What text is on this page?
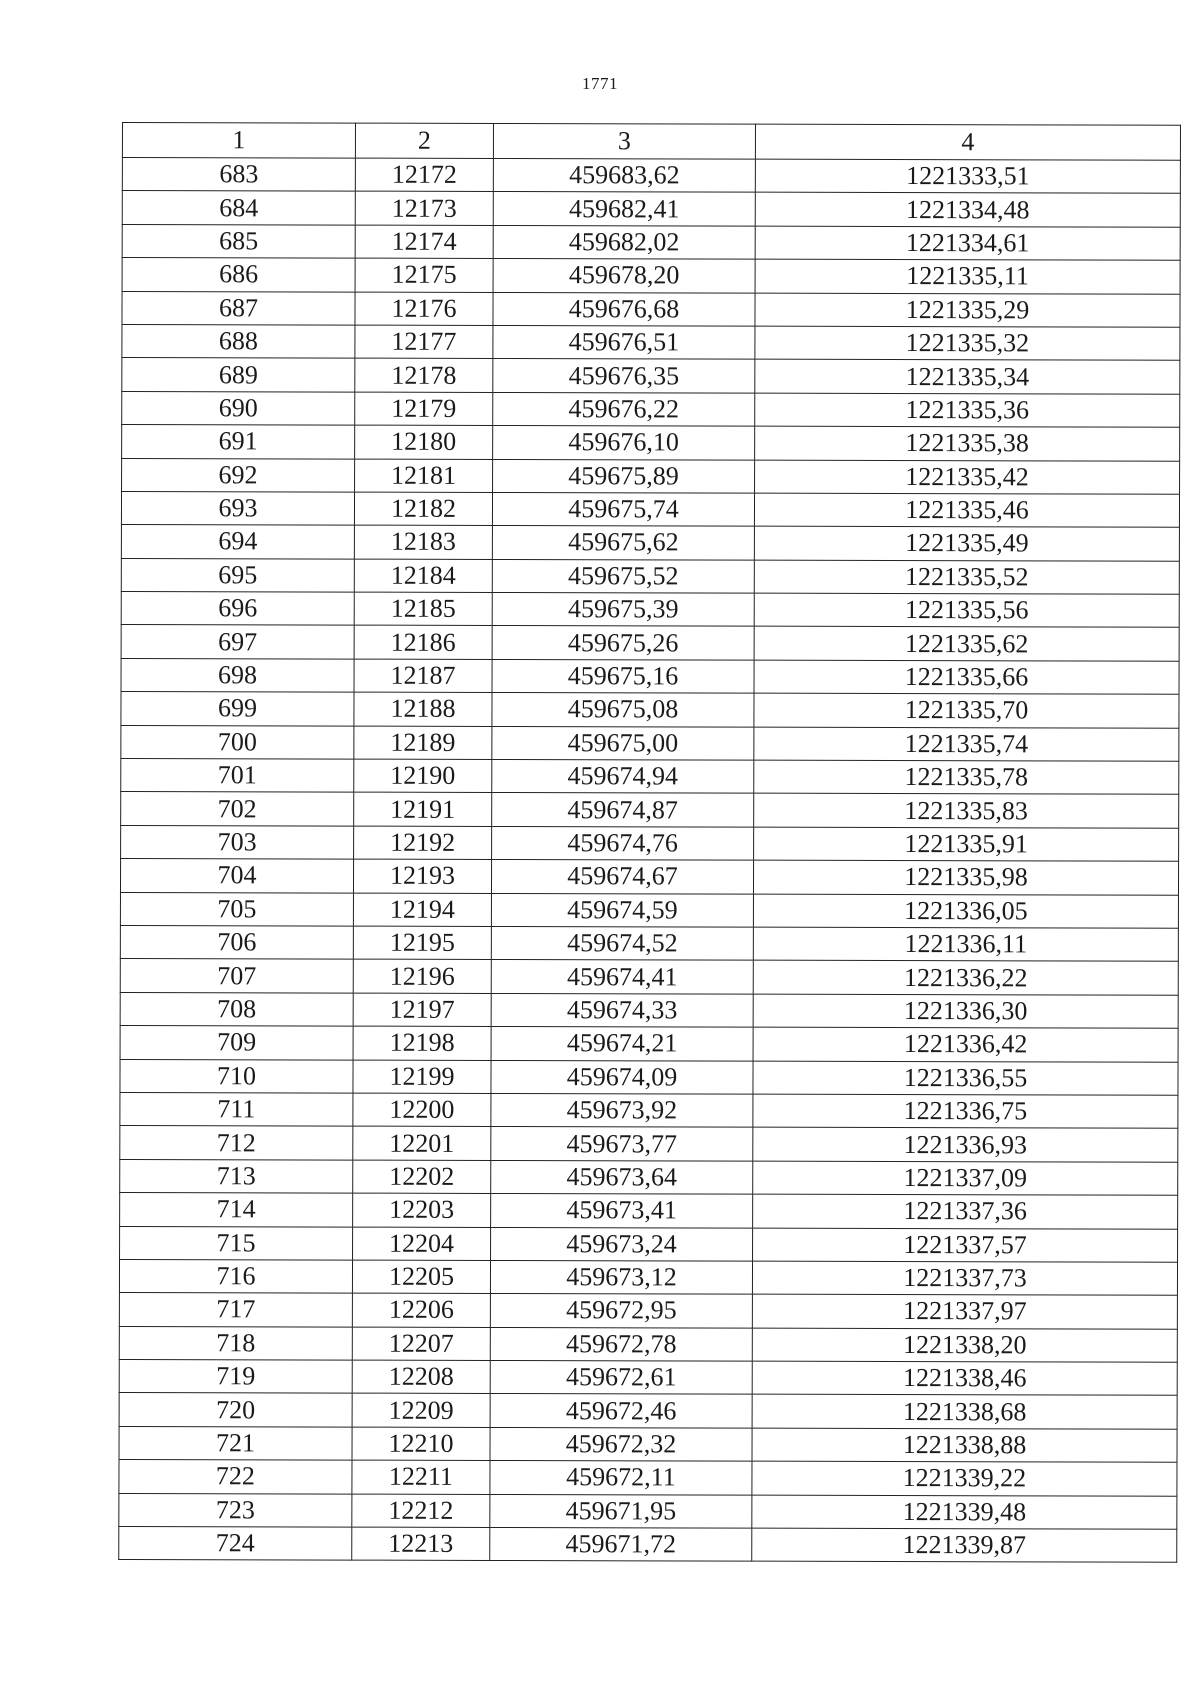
1771
1	2	3	4
683	12172	459683,62	1221333,51
684	12173	459682,41	1221334,48
685	12174	459682,02	1221334,61
686	12175	459678,20	1221335,11
687	12176	459676,68	1221335,29
688	12177	459676,51	1221335,32
689	12178	459676,35	1221335,34
690	12179	459676,22	1221335,36
691	12180	459676,10	1221335,38
692	12181	459675,89	1221335,42
693	12182	459675,74	1221335,46
694	12183	459675,62	1221335,49
695	12184	459675,52	1221335,52
696	12185	459675,39	1221335,56
697	12186	459675,26	1221335,62
698	12187	459675,16	1221335,66
699	12188	459675,08	1221335,70
700	12189	459675,00	1221335,74
701	12190	459674,94	1221335,78
702	12191	459674,87	1221335,83
703	12192	459674,76	1221335,91
704	12193	459674,67	1221335,98
705	12194	459674,59	1221336,05
706	12195	459674,52	1221336,11
707	12196	459674,41	1221336,22
708	12197	459674,33	1221336,30
709	12198	459674,21	1221336,42
710	12199	459674,09	1221336,55
711	12200	459673,92	1221336,75
712	12201	459673,77	1221336,93
713	12202	459673,64	1221337,09
714	12203	459673,41	1221337,36
715	12204	459673,24	1221337,57
716	12205	459673,12	1221337,73
717	12206	459672,95	1221337,97
718	12207	459672,78	1221338,20
719	12208	459672,61	1221338,46
720	12209	459672,46	1221338,68
721	12210	459672,32	1221338,88
722	12211	459672,11	1221339,22
723	12212	459671,95	1221339,48
724	12213	459671,72	1221339,87
